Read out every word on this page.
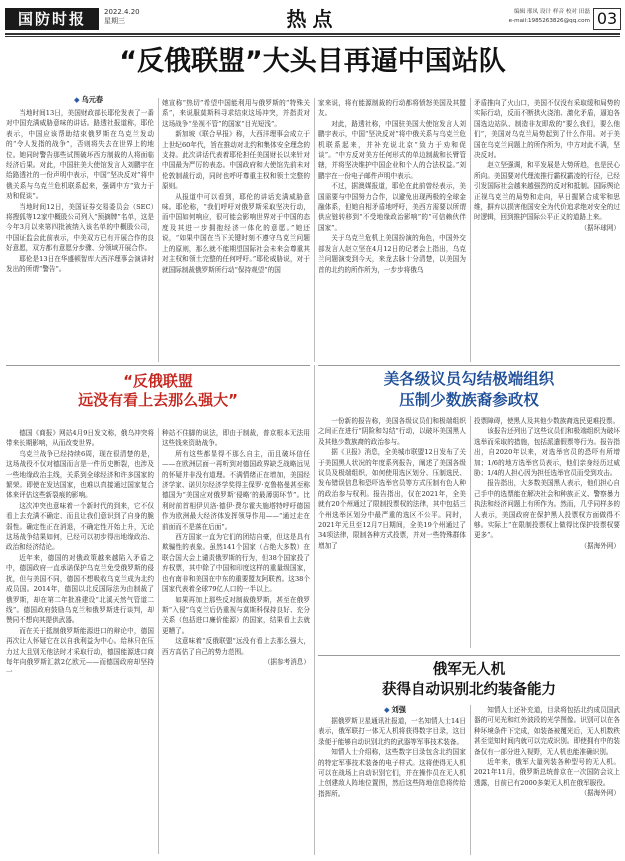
国防时报	2022.4.20
星期三	热点	编辑 邢凤 设计 样音 校对 田磊
e-mail:1985263826@qq.com 03
“反俄联盟”大头目再逼中国站队
◆ 乌元春

当地时间13日，美国财政部长耶伦发表了一番对中国充满威胁意味的讲话。路透社报道称，耶伦表示，中国应该帮助结束俄罗斯在乌克兰发动的“令人发指的战争”，否则将失去在世界上的地位。她同时警告那些试图破坏西方制裁的人将面临经济后果。对此，中国驻美大使馆发言人刘鹏宇在给路透社的一份声明中表示，中国“坚决反对”将中俄关系与乌克兰危机联系起来，强调中方“致力于劝和促谈”。

当地时间12日，美国证券交易委员会（SEC）将搜狐等12家中概股公司列入“预摘牌”名单，这是今年3月以来第四批被纳入该名单的中概股公司，中国证监会此前表示，中美双方已有开展合作的良好意愿，双方都有意愿分步骤、分领域开展合作。

耶伦是13日在华盛顿智库大西洋理事会演讲时发出的所谓“警告”。

她宣称“热切”希望中国能利用与俄罗斯的“特殊关系”，来说服莫斯科寻求结束这场冲突，并指责对这场战争“坐视不管”的国家“目光短浅”。

新加坡《联合早报》称，大西洋理事会成立于上世纪60年代，旨在推动对北约和集体安全理念的支持。此次讲话代表着耶伦担任美国财长以来针对中国最为严厉的表态。中国政府和大使馆先前未对伦敦制裁行动，同时也呼吁尊重主权和领土完整的原则。

从报道中可以看到，耶伦的讲话充满威胁意味。耶伦称，“我们呼吁对俄罗斯采取坚决行动，而中国如何响应，很可能会影响世界对于中国的态度及其进一步拥抱经济一体化的意愿。”她还说，“如果中国在当下关键时刻不遵守乌克兰问题上的原则，那么就不能期望国际社会未来会尊重其对主权和领土完整的任何呼吁。”耶伦威胁说，对于就国际制裁俄罗斯所行动“保持观望”的国

家来说，将有能源制裁的行动都将愤怒美国及其盟友。

对此，路透社称，中国驻美国大使馆发言人刘鹏宇表示，中国“坚决反对”将中俄关系与乌克兰危机联系起来，并补充说北京“致力于劝和促谈”。“中方反对美方任何形式的单边制裁和长臂管辖，并将坚决维护中国企业和个人的合法权益。”刘鹏宇在一份电子邮件声明中表示。

不过，据澳媒报道，耶伦在此前曾经表示，美国需要与中国努力合作，以避免出现两极的全球金融体系，但她自相矛盾地呼吁，美西方需要以所谓供应链转移到“不受地缘政治影响”的“可信赖伙伴国家”。

关于乌克兰危机上美国扮演的角色，中国外交部发言人赵立坚在4月12日的记者会上指出，乌克兰问题演变到今天，来龙去脉十分清楚，以美国为首的北约的所作所为，一步步将俄乌

矛盾推向了火山口，美国不仅没有采取缓和局势的实际行动，反而不断拱火浇油、激化矛盾，逼迫各国选边站队、制造非友即敌的“要么我们，要么他们”，美国对乌克兰局势起到了什么作用。对于美国在乌克兰问题上的所作所为，中方对此不满，坚决反对。

赵立坚强调，和平发展是大势所趋，也是民心所向。美国要对代理流推行霸权霸凌的行径，已经引发国际社会越来越强烈的反对和抵制。国际舆论正视乌克兰的局势和走向，早日握紧合成零和思维，摒弃以损害他国安全为代价追求绝对安全的过时逻辑，回到推护国际公平正义的道路上来。

（据环球网）

“反俄联盟
远没有看上去那么强大”

德国《商报》网站4月9日发文称，俄乌冲突将带来长期影响，从而改变世界。

乌克兰战争已经持续6周，现在很清楚的是，这场战役不仅对德国而言是一件历史断裂，也涉及一些地缘政治主线，关系到全球经济和许多国家的繁荣。即使在发达国家，也难以真接通过国家复合体来评估这些新裂痕的影响。

这次冲突也意味着一个新时代的到来，它不仅看上去充满不确定、而且让我们意识到了自身的脆弱性。确定性正在消退，不确定性开始上升，无论这场战争结果如何，已经可以初步得出地缘政治、政治和经济结论。

近年来，德国的对俄政策越来越陷入矛盾之中，德国政府一直承诺保护乌克兰免受俄罗斯的侵扰，但与美国不同，德国不想吸收乌克兰成为北约成员国。2014年，德国以北反国际法为由制裁了俄罗斯，却在第二年批准建设“北溪天然气管道二线”。德国政府鼓励乌克兰和俄罗斯进行谈判，却赞同不想向其提供武器。

而在关于抵制俄罗斯能源进口的辩论中，德国再次让人怀疑它在以自我利益为中心。给林只在压力过大且别无他法时才采取行动，德国能源进口商每年向俄罗斯汇款2亿欧元——而德国政府却坚持一

种站不住脚的说法，即由于制裁，普京根本无法用这些钱来资助战争。

所有这些都显得不那么自主，而且破坏信任——在欧洲层面一再听到对德国政界缺乏战略远见的怀疑并非没有道理。不满情绪正在增加，美国经济学家、诺贝尔经济学奖得主保罗·克鲁格曼甚至称德国为“美国应对俄罗斯‘侵略’的最薄弱环节”。比利时前首相伊贝洛·德伊·费尔霍夫施塔特呼吁德国作为欧洲最大经济体发挥领导作用——“通过走在前面而不是落在后面”。

西方国家一直为它们的团结自豪，但这是具有欺骗性的表象。虽然141个国家（占绝大多数）在联合国大会上谴责俄罗斯的行为，但38个国家投了弃权票，其中除了中国和印度这样的重量级国家，也有南非和美国在中东的重要盟友阿联酋。这38个国家代表着全球79亿人口的一半以上。

如果再加上那些反对制裁俄罗斯，甚至在俄罗斯“入侵”乌克兰后仍重视与莫斯科保持良好、充分关系（包括进口廉价能源）的国家，结果看上去就更糟了。

这意味着“反俄联盟”远没有看上去那么强大，西方高估了自己的势力范围。

（据参考消息）

美各级议员勾结极端组织
压制少数族裔参政权

一份新的报告称，美国各级议员们和极端组织之间正在进行“阴险和勾结”行动，以破坏美国黑人及其他少数族裔的政治参与。

据《卫报》消息，全美城市联盟12日发布了关于美国黑人状况的年度系列报告，阐述了美国各级议员及极端组织，如何使用选区划分、压制选民、发布错误信息和恐吓选举官员等方式压制有色人种的政治参与权利。报告指出，仅在2021年，全美就有20个州通过了限制投票权的法律，其中包括三个州选举区划分中最严重的选区不公平。同时，2021年元旦至12月7日期间，全美19个州通过了34项法律，限制各种方式投票，并对一些特殊群体增加了

投票障碍，使黑人及其他少数族裔选民更难投票。

该报告还列出了这些议员们和极端组织为破坏选举而采取的措施，包括派遣假票等行为。报告指出，自2020年以来，对选举官员的恐吓有所增加；1/6的地方选举官员表示，他们亲身经历过威胁；1/4的人担心因为担任选举官员而受到攻击。

报告指出，大多数美国黑人表示，他们担心自己手中的选票能在解决社会和种族正义、警察暴力执法和经济问题上有所作为。然而，几乎同样多的人表示，美国政府在保护黑人投票权方面做得不够。实际上“在限制投票权上做得比保护投票权要更多”。

（据海外网）

俄军无人机
获得自动识别北约装备能力
◆ 刘强

据俄罗斯卫星通讯社报道，一名知情人士14日表示，俄军联打一体无人机将获得数字目录，这目录便于能够自动识别北约的武器等军事技术装备。

知情人士介绍称，这些数字目录包含北约国家的特定军事技术装备的电子样式。这将使得无人机可以在战场上自动识别它们，并在操作员在无人机上创建敌人阵地位置图，然后这些阵地信息将传给指挥所。

知情人士还补充道，目录将包括北约成员国武器的可见光和红外波段的光学图像。识别可以在各种环境条件下完成，如装备被覆光后，无人机数秩甚至觉知时间内就可以完成识别。即使拥有中的装备仅有一部分进入视野，无人机也能准确识别。

近年来，俄军大量列装各种型号的无人机。2021年11月，俄罗斯总统普京在一次国防会议上透露，目前已有2000多架无人机在俄军服役。

（据海外网）
